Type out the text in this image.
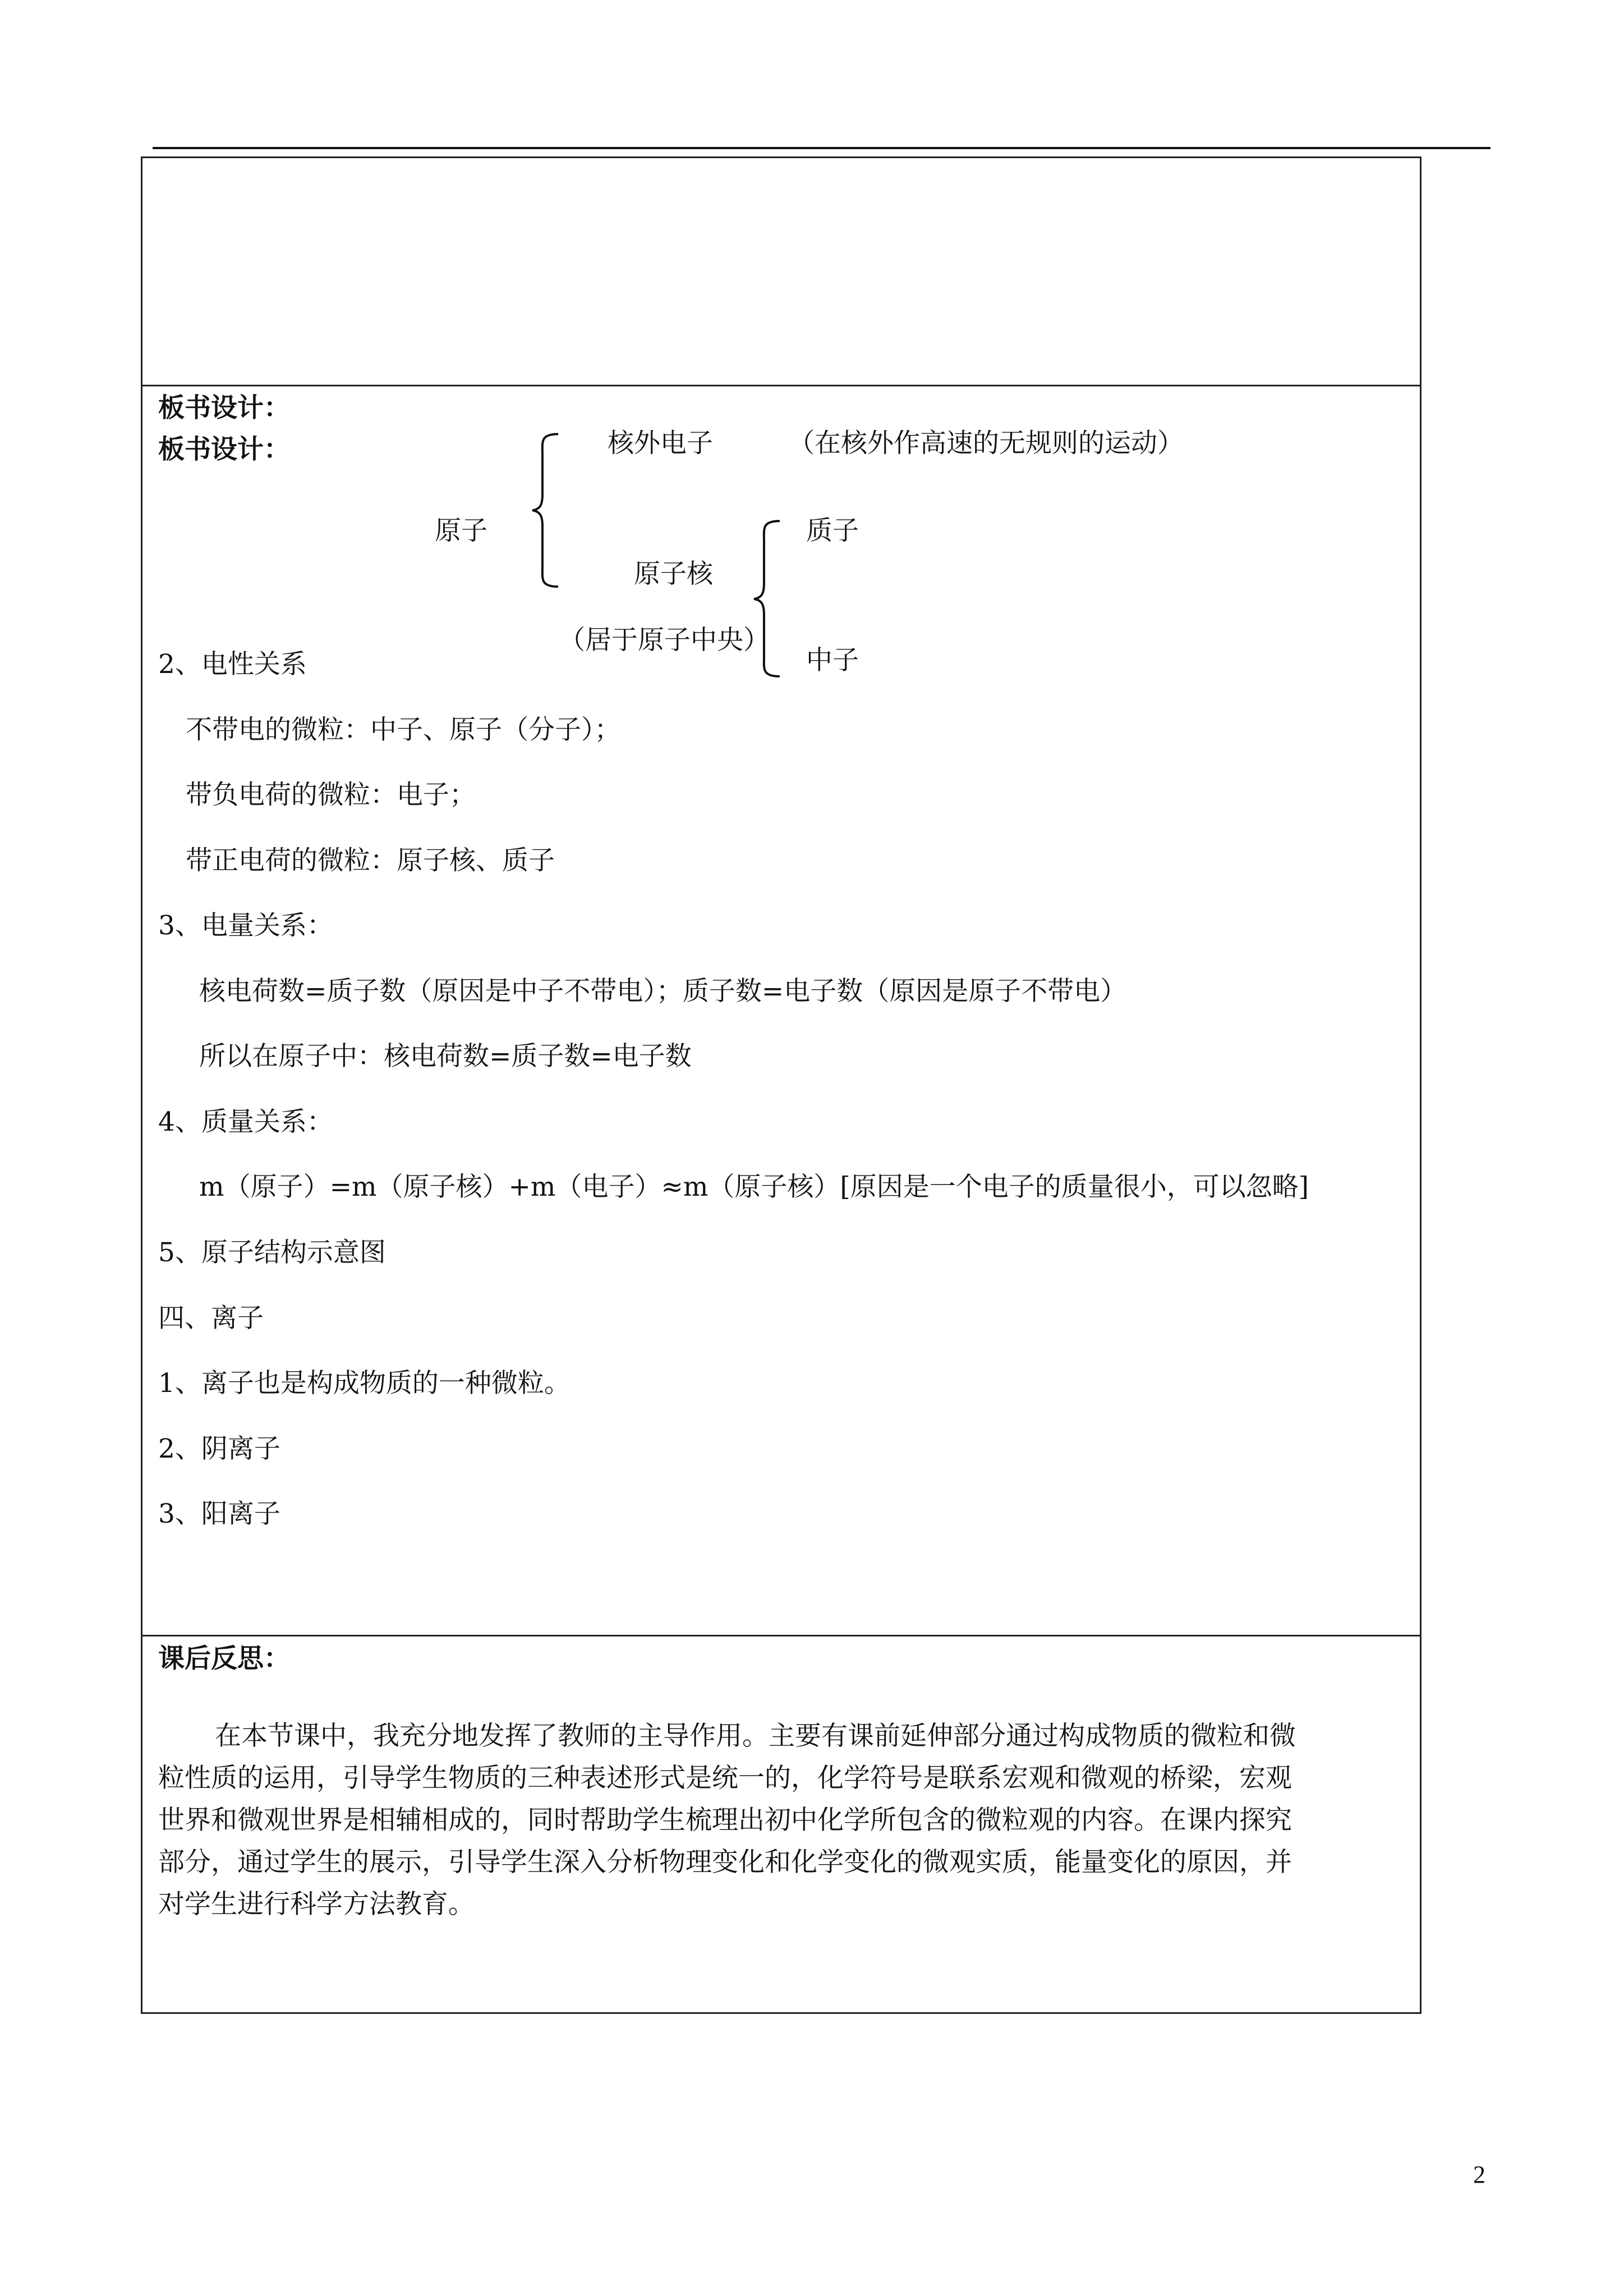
板书设计：
板书设计：	核外电子	（在核外作高速的无规则的运动）
原子	质子
原子核
（居于原子中央）
中子
2、电性关系
不带电的微粒：中子、原子（分子）；
带负电荷的微粒：电子；
带正电荷的微粒：原子核、质子
3、电量关系：
核电荷数=质子数（原因是中子不带电）；质子数=电子数（原因是原子不带电）
所以在原子中：核电荷数=质子数=电子数
4、质量关系：
m（原子）=m（原子核）+m（电子）≈m（原子核）[原因是一个电子的质量很小，可以忽略]
5、原子结构示意图
四、离子
1、离子也是构成物质的一种微粒。
2、阴离子
3、阳离子
课后反思：
在本节课中，我充分地发挥了教师的主导作用。主要有课前延伸部分通过构成物质的微粒和微
粒性质的运用，引导学生物质的三种表述形式是统一的，化学符号是联系宏观和微观的桥梁，宏观
世界和微观世界是相辅相成的，同时帮助学生梳理出初中化学所包含的微粒观的内容。在课内探究
部分，通过学生的展示，引导学生深入分析物理变化和化学变化的微观实质，能量变化的原因，并
对学生进行科学方法教育。
2
